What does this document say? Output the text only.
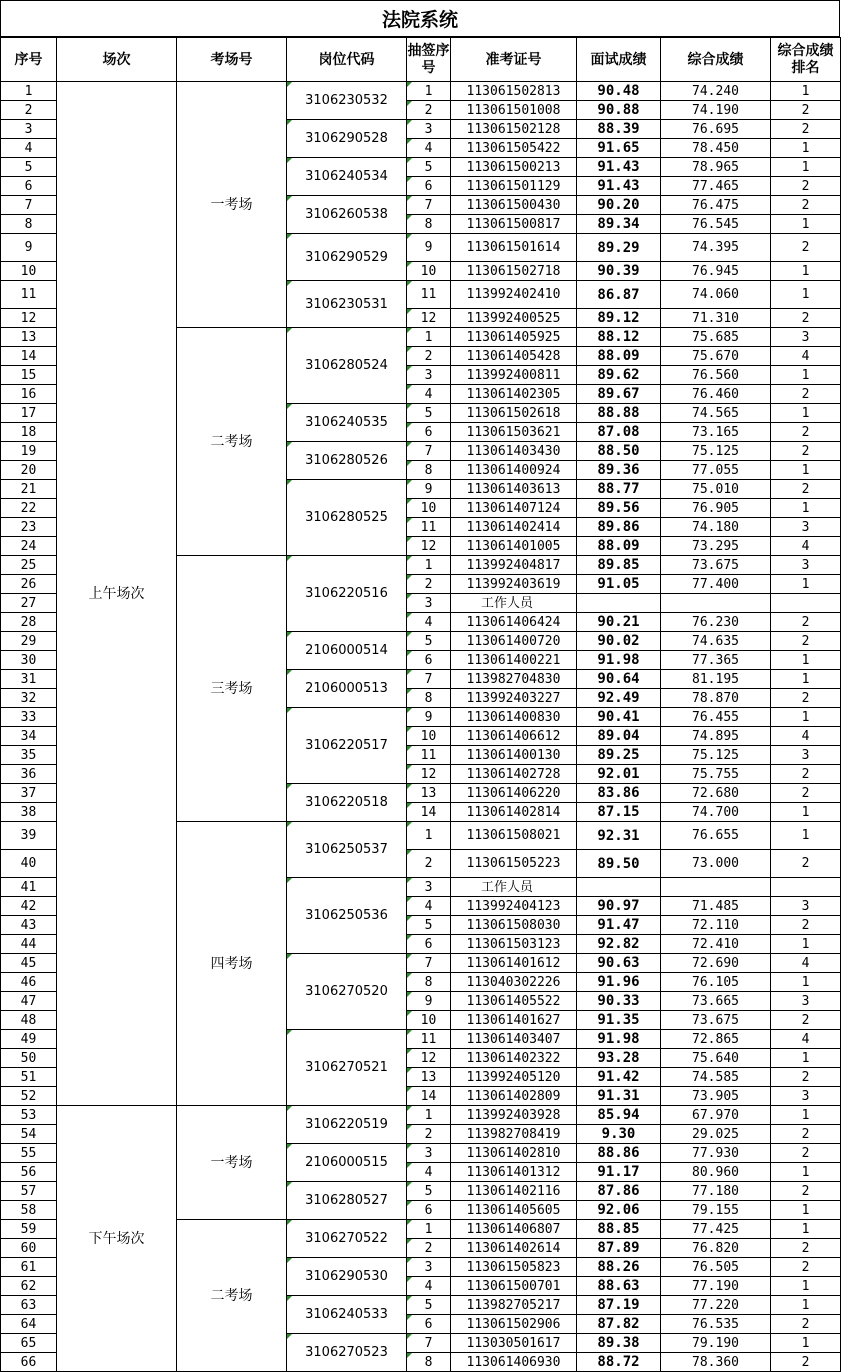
法院系统
序号	场次	考场号	岗位代码	抽签序号	准考证号	面试成绩	综合成绩	综合成绩排名
1	上午场次	一考场	3106230532	1	113061502813	90.48	74.240	1
2				2	113061501008	90.88	74.190	2
3			3106290528	3	113061502128	88.39	76.695	2
4				4	113061505422	91.65	78.450	1
5			3106240534	5	113061500213	91.43	78.965	1
6				6	113061501129	91.43	77.465	2
7			3106260538	7	113061500430	90.20	76.475	2
8				8	113061500817	89.34	76.545	1
9			3106290529	9	113061501614	89.29	74.395	2
10				10	113061502718	90.39	76.945	1
11			3106230531	11	113992402410	86.87	74.060	1
12				12	113992400525	89.12	71.310	2
13		二考场	3106280524	1	113061405925	88.12	75.685	3
14				2	113061405428	88.09	75.670	4
15				3	113992400811	89.62	76.560	1
16				4	113061402305	89.67	76.460	2
17			3106240535	5	113061502618	88.88	74.565	1
18				6	113061503621	87.08	73.165	2
19			3106280526	7	113061403430	88.50	75.125	2
20				8	113061400924	89.36	77.055	1
21			3106280525	9	113061403613	88.77	75.010	2
22				10	113061407124	89.56	76.905	1
23				11	113061402414	89.86	74.180	3
24				12	113061401005	88.09	73.295	4
25		三考场	3106220516	1	113992404817	89.85	73.675	3
26				2	113992403619	91.05	77.400	1
27				3	工作人员			
28				4	113061406424	90.21	76.230	2
29			2106000514	5	113061400720	90.02	74.635	2
30				6	113061400221	91.98	77.365	1
31			2106000513	7	113982704830	90.64	81.195	1
32				8	113992403227	92.49	78.870	2
33			3106220517	9	113061400830	90.41	76.455	1
34				10	113061406612	89.04	74.895	4
35				11	113061400130	89.25	75.125	3
36				12	113061402728	92.01	75.755	2
37			3106220518	13	113061406220	83.86	72.680	2
38				14	113061402814	87.15	74.700	1
39		四考场	3106250537	1	113061508021	92.31	76.655	1
40				2	113061505223	89.50	73.000	2
41			3106250536	3	工作人员			
42				4	113992404123	90.97	71.485	3
43				5	113061508030	91.47	72.110	2
44				6	113061503123	92.82	72.410	1
45			3106270520	7	113061401612	90.63	72.690	4
46				8	113040302226	91.96	76.105	1
47				9	113061405522	90.33	73.665	3
48				10	113061401627	91.35	73.675	2
49			3106270521	11	113061403407	91.98	72.865	4
50				12	113061402322	93.28	75.640	1
51				13	113992405120	91.42	74.585	2
52				14	113061402809	91.31	73.905	3
53	下午场次	一考场	3106220519	1	113992403928	85.94	67.970	1
54				2	113982708419	9.30	29.025	2
55			2106000515	3	113061402810	88.86	77.930	2
56				4	113061401312	91.17	80.960	1
57			3106280527	5	113061402116	87.86	77.180	2
58				6	113061405605	92.06	79.155	1
59		二考场	3106270522	1	113061406807	88.85	77.425	1
60				2	113061402614	87.89	76.820	2
61			3106290530	3	113061505823	88.26	76.505	2
62				4	113061500701	88.63	77.190	1
63			3106240533	5	113982705217	87.19	77.220	1
64				6	113061502906	87.82	76.535	2
65			3106270523	7	113030501617	89.38	79.190	1
66				8	113061406930	88.72	78.360	2
